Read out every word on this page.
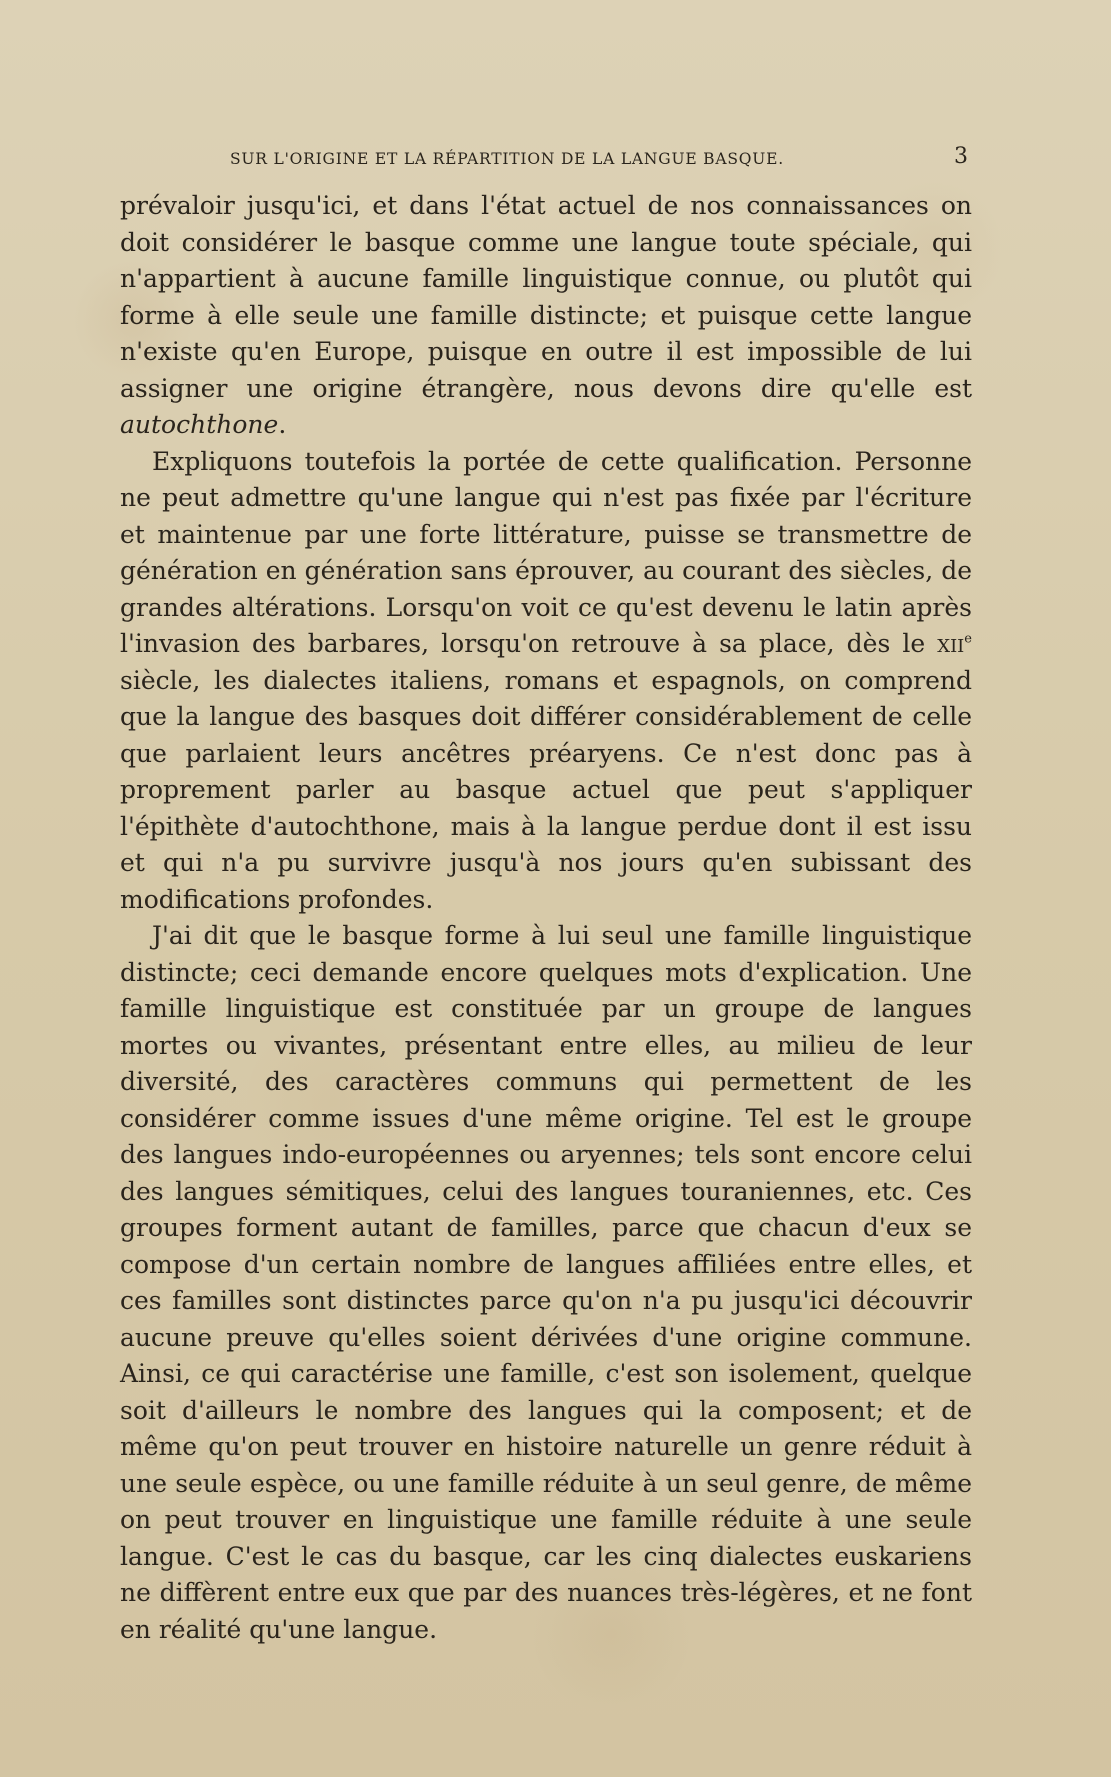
SUR L'ORIGINE ET LA RÉPARTITION DE LA LANGUE BASQUE.	3

prévaloir jusqu'ici, et dans l'état actuel de nos connaissances on doit considérer le basque comme une langue toute spéciale, qui n'appartient à aucune famille linguistique connue, ou plutôt qui forme à elle seule une famille distincte; et puisque cette langue n'existe qu'en Europe, puisque en outre il est impossible de lui assigner une origine étrangère, nous devons dire qu'elle est autochthone.

Expliquons toutefois la portée de cette qualification. Personne ne peut admettre qu'une langue qui n'est pas fixée par l'écriture et maintenue par une forte littérature, puisse se transmettre de génération en génération sans éprouver, au courant des siècles, de grandes altérations. Lorsqu'on voit ce qu'est devenu le latin après l'invasion des barbares, lorsqu'on retrouve à sa place, dès le xii$^e$ siècle, les dialectes italiens, romans et espagnols, on comprend que la langue des basques doit différer considérablement de celle que parlaient leurs ancêtres préaryens. Ce n'est donc pas à proprement parler au basque actuel que peut s'appliquer l'épithète d'autochthone, mais à la langue perdue dont il est issu et qui n'a pu survivre jusqu'à nos jours qu'en subissant des modifications profondes.

J'ai dit que le basque forme à lui seul une famille linguistique distincte; ceci demande encore quelques mots d'explication. Une famille linguistique est constituée par un groupe de langues mortes ou vivantes, présentant entre elles, au milieu de leur diversité, des caractères communs qui permettent de les considérer comme issues d'une même origine. Tel est le groupe des langues indo-européennes ou aryennes; tels sont encore celui des langues sémitiques, celui des langues touraniennes, etc. Ces groupes forment autant de familles, parce que chacun d'eux se compose d'un certain nombre de langues affiliées entre elles, et ces familles sont distinctes parce qu'on n'a pu jusqu'ici découvrir aucune preuve qu'elles soient dérivées d'une origine commune. Ainsi, ce qui caractérise une famille, c'est son isolement, quelque soit d'ailleurs le nombre des langues qui la composent; et de même qu'on peut trouver en histoire naturelle un genre réduit à une seule espèce, ou une famille réduite à un seul genre, de même on peut trouver en linguistique une famille réduite à une seule langue. C'est le cas du basque, car les cinq dialectes euskariens ne diffèrent entre eux que par des nuances très-légères, et ne font en réalité qu'une langue.
